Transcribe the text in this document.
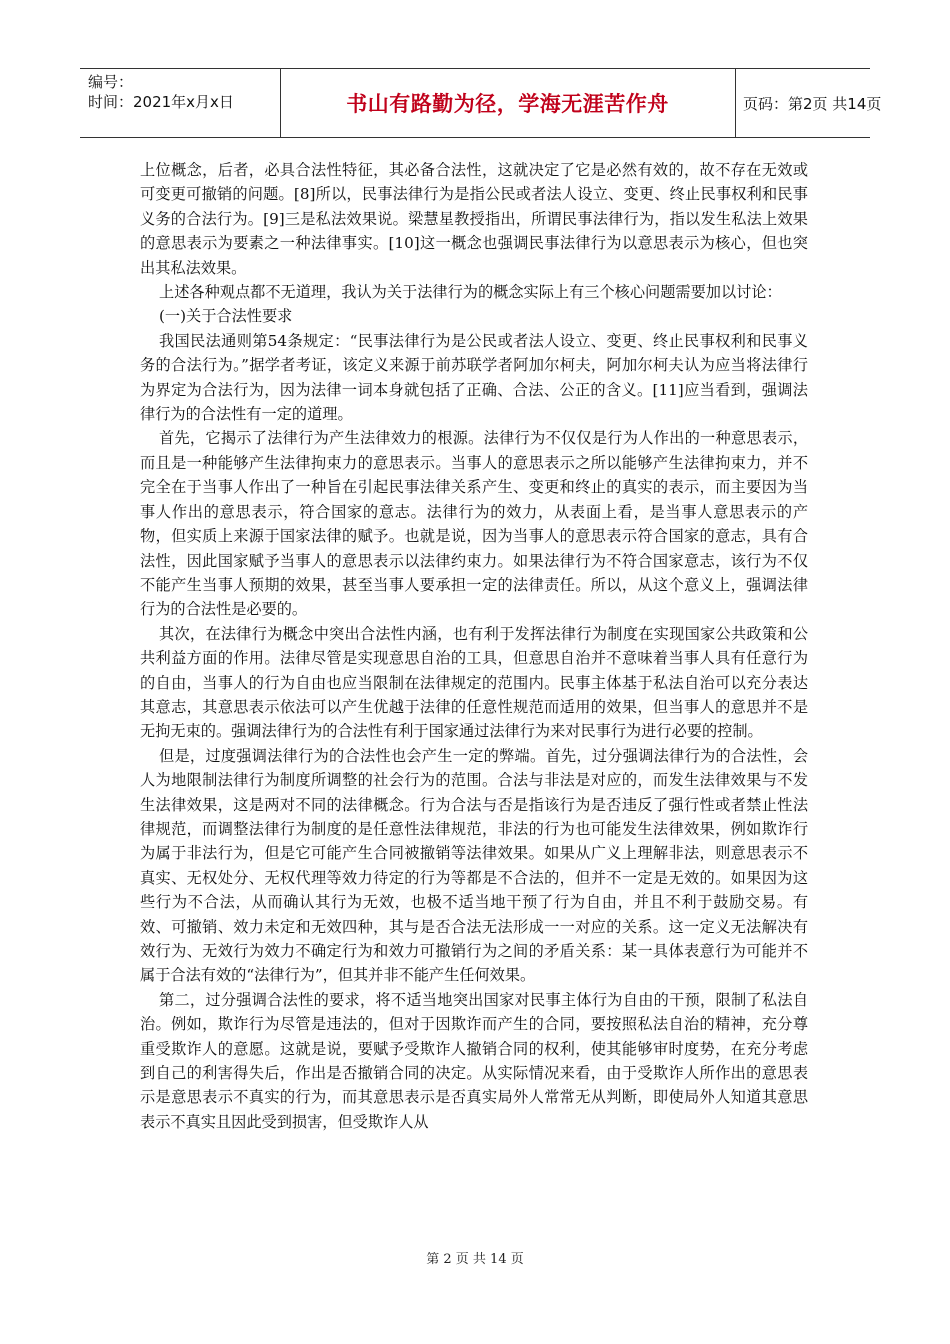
编号：
时间：2021年x月x日	书山有路勤为径，学海无涯苦作舟	页码：第2页 共14页

上位概念，后者，必具合法性特征，其必备合法性，这就决定了它是必然有效的，故不存在无效或可变更可撤销的问题。[8]所以，民事法律行为是指公民或者法人设立、变更、终止民事权利和民事义务的合法行为。[9]三是私法效果说。梁慧星教授指出，所谓民事法律行为，指以发生私法上效果的意思表示为要素之一种法律事实。[10]这一概念也强调民事法律行为以意思表示为核心，但也突出其私法效果。

上述各种观点都不无道理，我认为关于法律行为的概念实际上有三个核心问题需要加以讨论：

(一)关于合法性要求

我国民法通则第54条规定：“民事法律行为是公民或者法人设立、变更、终止民事权利和民事义务的合法行为。”据学者考证，该定义来源于前苏联学者阿加尔柯夫，阿加尔柯夫认为应当将法律行为界定为合法行为，因为法律一词本身就包括了正确、合法、公正的含义。[11]应当看到，强调法律行为的合法性有一定的道理。

首先，它揭示了法律行为产生法律效力的根源。法律行为不仅仅是行为人作出的一种意思表示，而且是一种能够产生法律拘束力的意思表示。当事人的意思表示之所以能够产生法律拘束力，并不完全在于当事人作出了一种旨在引起民事法律关系产生、变更和终止的真实的表示，而主要因为当事人作出的意思表示，符合国家的意志。法律行为的效力，从表面上看，是当事人意思表示的产物，但实质上来源于国家法律的赋予。也就是说，因为当事人的意思表示符合国家的意志，具有合法性，因此国家赋予当事人的意思表示以法律约束力。如果法律行为不符合国家意志，该行为不仅不能产生当事人预期的效果，甚至当事人要承担一定的法律责任。所以，从这个意义上，强调法律行为的合法性是必要的。

其次，在法律行为概念中突出合法性内涵，也有利于发挥法律行为制度在实现国家公共政策和公共利益方面的作用。法律尽管是实现意思自治的工具，但意思自治并不意味着当事人具有任意行为的自由，当事人的行为自由也应当限制在法律规定的范围内。民事主体基于私法自治可以充分表达其意志，其意思表示依法可以产生优越于法律的任意性规范而适用的效果，但当事人的意思并不是无拘无束的。强调法律行为的合法性有利于国家通过法律行为来对民事行为进行必要的控制。

但是，过度强调法律行为的合法性也会产生一定的弊端。首先，过分强调法律行为的合法性，会人为地限制法律行为制度所调整的社会行为的范围。合法与非法是对应的，而发生法律效果与不发生法律效果，这是两对不同的法律概念。行为合法与否是指该行为是否违反了强行性或者禁止性法律规范，而调整法律行为制度的是任意性法律规范，非法的行为也可能发生法律效果，例如欺诈行为属于非法行为，但是它可能产生合同被撤销等法律效果。如果从广义上理解非法，则意思表示不真实、无权处分、无权代理等效力待定的行为等都是不合法的，但并不一定是无效的。如果因为这些行为不合法，从而确认其行为无效，也极不适当地干预了行为自由，并且不利于鼓励交易。有效、可撤销、效力未定和无效四种，其与是否合法无法形成一一对应的关系。这一定义无法解决有效行为、无效行为效力不确定行为和效力可撤销行为之间的矛盾关系：某一具体表意行为可能并不属于合法有效的“法律行为”，但其并非不能产生任何效果。

第二，过分强调合法性的要求，将不适当地突出国家对民事主体行为自由的干预，限制了私法自治。例如，欺诈行为尽管是违法的，但对于因欺诈而产生的合同，要按照私法自治的精神，充分尊重受欺诈人的意愿。这就是说，要赋予受欺诈人撤销合同的权利，使其能够审时度势，在充分考虑到自己的利害得失后，作出是否撤销合同的决定。从实际情况来看，由于受欺诈人所作出的意思表示是意思表示不真实的行为，而其意思表示是否真实局外人常常无从判断，即使局外人知道其意思表示不真实且因此受到损害，但受欺诈人从

第 2 页 共 14 页
